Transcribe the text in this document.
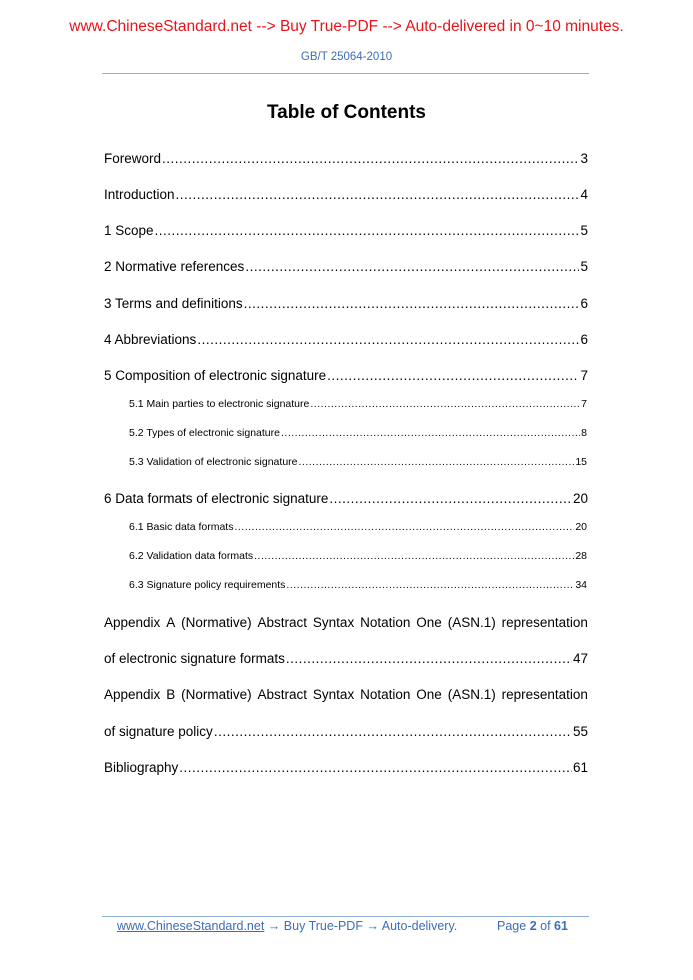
www.ChineseStandard.net --> Buy True-PDF --> Auto-delivered in 0~10 minutes.
GB/T 25064-2010
Table of Contents
Foreword .....	3
Introduction .....	4
1 Scope .....	5
2 Normative references .....	5
3 Terms and definitions .....	6
4 Abbreviations .....	6
5 Composition of electronic signature .....	7
5.1 Main parties to electronic signature .....	7
5.2 Types of electronic signature .....	8
5.3 Validation of electronic signature .....	15
6 Data formats of electronic signature .....	20
6.1 Basic data formats .....	20
6.2 Validation data formats .....	28
6.3 Signature policy requirements .....	34
Appendix A (Normative) Abstract Syntax Notation One (ASN.1) representation
of electronic signature formats .....	47
Appendix B (Normative) Abstract Syntax Notation One (ASN.1) representation
of signature policy .....	55
Bibliography .....	61
www.ChineseStandard.net → Buy True-PDF → Auto-delivery.	Page 2 of 61
